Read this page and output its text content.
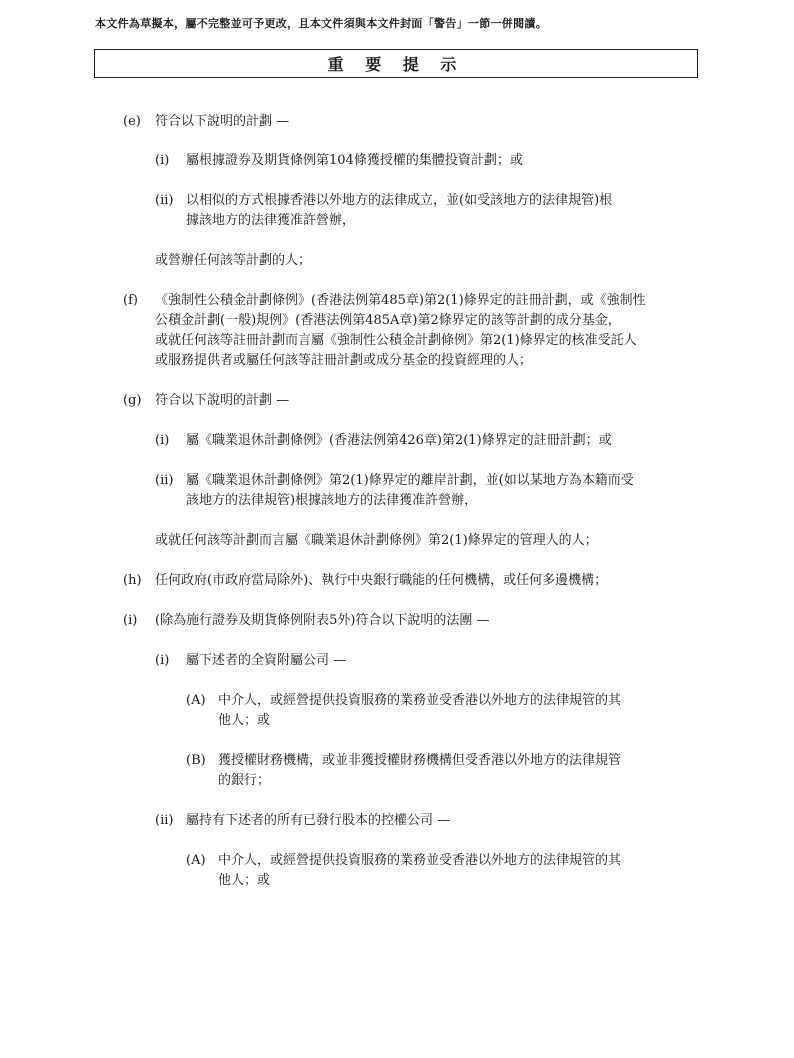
本文件為草擬本，屬不完整並可予更改，且本文件須與本文件封面「警告」一節一併閱讀。
重 要 提 示
(e) 符合以下說明的計劃 —
(i) 屬根據證券及期貨條例第104條獲授權的集體投資計劃；或
(ii) 以相似的方式根據香港以外地方的法律成立，並(如受該地方的法律規管)根
據該地方的法律獲准許營辦，
或營辦任何該等計劃的人；
(f) 《強制性公積金計劃條例》(香港法例第485章)第2(1)條界定的註冊計劃，或《強制性
公積金計劃(一般)規例》(香港法例第485A章)第2條界定的該等計劃的成分基金，
或就任何該等註冊計劃而言屬《強制性公積金計劃條例》第2(1)條界定的核准受託人
或服務提供者或屬任何該等註冊計劃或成分基金的投資經理的人；
(g) 符合以下說明的計劃 —
(i) 屬《職業退休計劃條例》(香港法例第426章)第2(1)條界定的註冊計劃；或
(ii) 屬《職業退休計劃條例》第2(1)條界定的離岸計劃，並(如以某地方為本籍而受
該地方的法律規管)根據該地方的法律獲准許營辦，
或就任何該等計劃而言屬《職業退休計劃條例》第2(1)條界定的管理人的人；
(h) 任何政府(市政府當局除外)、執行中央銀行職能的任何機構，或任何多邊機構；
(i) (除為施行證券及期貨條例附表5外)符合以下說明的法團 —
(i) 屬下述者的全資附屬公司 —
(A) 中介人，或經營提供投資服務的業務並受香港以外地方的法律規管的其
他人；或
(B) 獲授權財務機構，或並非獲授權財務機構但受香港以外地方的法律規管
的銀行；
(ii) 屬持有下述者的所有已發行股本的控權公司 —
(A) 中介人，或經營提供投資服務的業務並受香港以外地方的法律規管的其
他人；或
